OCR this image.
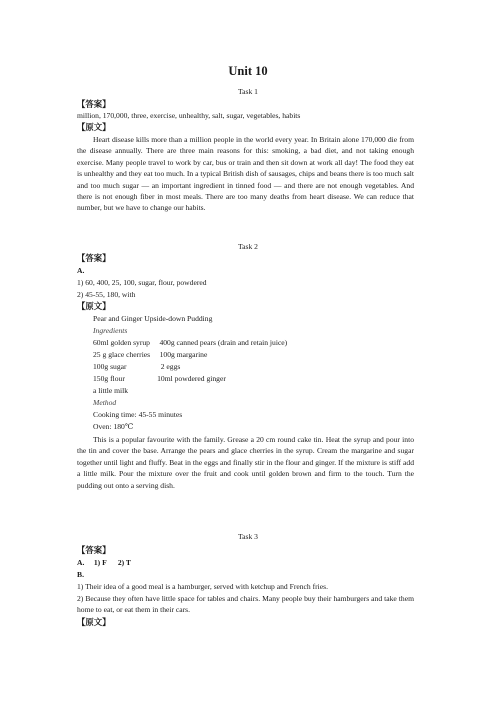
Unit 10
Task 1

【答案】

million, 170,000, three, exercise, unhealthy, salt, sugar, vegetables, habits

【原文】

Heart disease kills more than a million people in the world every year. In Britain alone 170,000 die from the disease annually. There are three main reasons for this: smoking, a bad diet, and not taking enough exercise. Many people travel to work by car, bus or train and then sit down at work all day! The food they eat is unhealthy and they eat too much. In a typical British dish of sausages, chips and beans there is too much salt and too much sugar — an important ingredient in tinned food — and there are not enough vegetables. And there is not enough fiber in most meals. There are too many deaths from heart disease. We can reduce that number, but we have to change our habits.

Task 2

【答案】

A.

1) 60, 400, 25, 100, sugar, flour, powdered

2) 45-55, 180, with

【原文】

Pear and Ginger Upside-down Pudding

Ingredients

60ml golden syrup     400g canned pears (drain and retain juice)

25 g glace cherries     100g margarine

100g sugar                  2 eggs

150g flour                 10ml powdered ginger

a little milk

Method

Cooking time: 45-55 minutes

Oven: 180℃

This is a popular favourite with the family. Grease a 20 cm round cake tin. Heat the syrup and pour into the tin and cover the base. Arrange the pears and glace cherries in the syrup. Cream the margarine and sugar together until light and fluffy. Beat in the eggs and finally stir in the flour and ginger. If the mixture is stiff add a little milk. Pour the mixture over the fruit and cook until golden brown and firm to the touch. Turn the pudding out onto a serving dish.

Task 3

【答案】

A.     1) F      2) T

B.

1) Their idea of a good meal is a hamburger, served with ketchup and French fries.

2) Because they often have little space for tables and chairs. Many people buy their hamburgers and take them home to eat, or eat them in their cars.

【原文】
